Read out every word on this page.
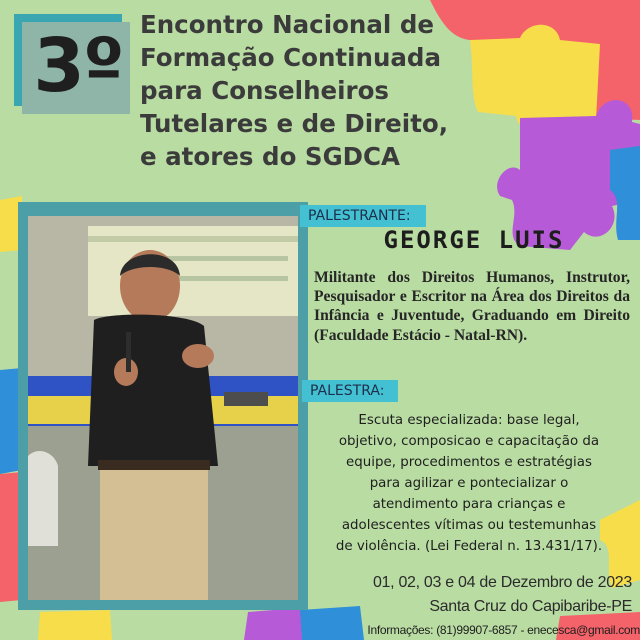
3º Encontro Nacional de
Formação Continuada
para Conselheiros
Tutelares e de Direito,
e atores do SGDCA
PALESTRANTE:
GEORGE LUIS
Militante dos Direitos Humanos, Instrutor, Pesquisador e Escritor na Área dos Direitos da Infância e Juventude, Graduando em Direito (Faculdade Estácio - Natal-RN).
PALESTRA:
Escuta especializada: base legal,
objetivo, composicao e capacitação da
equipe, procedimentos e estratégias
para agilizar e pontecializar o
atendimento para crianças e
adolescentes vítimas ou testemunhas
de violência. (Lei Federal n. 13.431/17).
01, 02, 03 e 04 de Dezembro de 2023
Santa Cruz do Capibaribe-PE
Informações: (81)99907-6857 - enecesca@gmail.com
